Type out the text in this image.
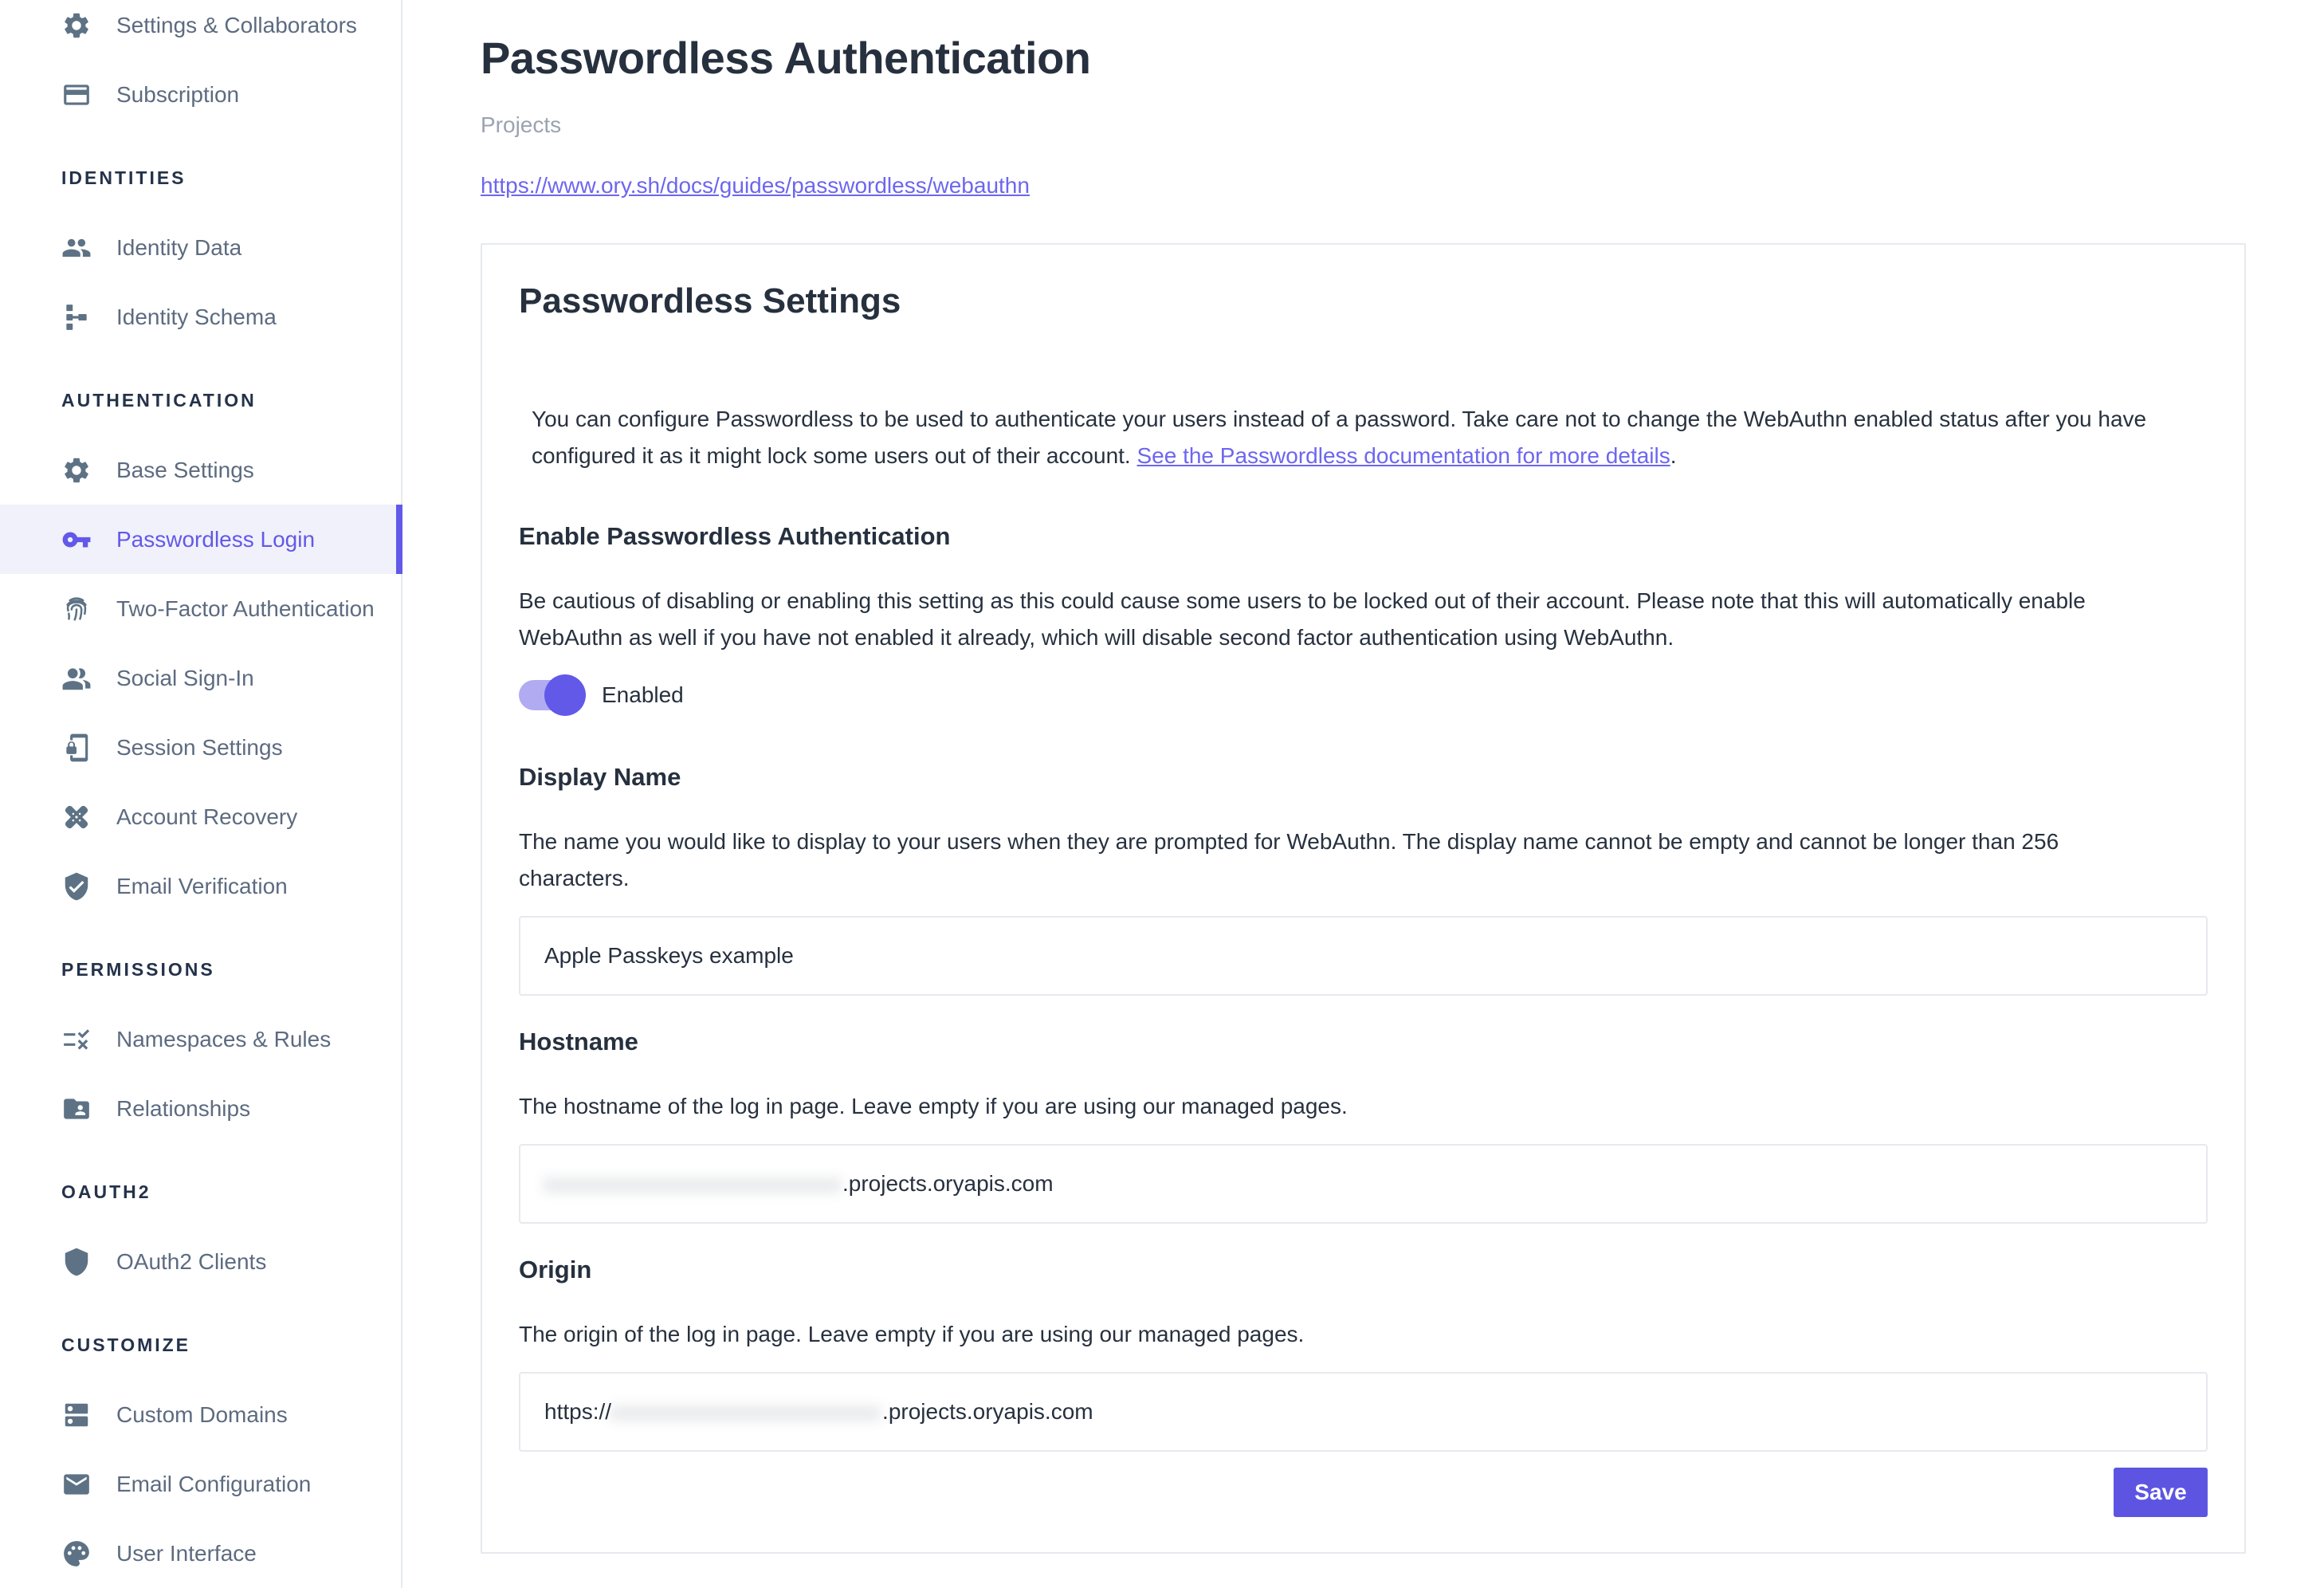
Settings & Collaborators
Subscription
IDENTITIES
Identity Data
Identity Schema
AUTHENTICATION
Base Settings
Passwordless Login
Two-Factor Authentication
Social Sign-In
Session Settings
Account Recovery
Email Verification
PERMISSIONS
Namespaces & Rules
Relationships
OAUTH2
OAuth2 Clients
CUSTOMIZE
Custom Domains
Email Configuration
User Interface
Passwordless Authentication
Projects
https://www.ory.sh/docs/guides/passwordless/webauthn
Passwordless Settings

You can configure Passwordless to be used to authenticate your users instead of a password. Take care not to change the WebAuthn enabled status after you have configured it as it might lock some users out of their account. See the Passwordless documentation for more details.

Enable Passwordless Authentication
Be cautious of disabling or enabling this setting as this could cause some users to be locked out of their account. Please note that this will automatically enable WebAuthn as well if you have not enabled it already, which will disable second factor authentication using WebAuthn.
Enabled
Display Name
The name you would like to display to your users when they are prompted for WebAuthn. The display name cannot be empty and cannot be longer than 256 characters.
Apple Passkeys example
Hostname
The hostname of the log in page. Leave empty if you are using our managed pages.
xxxxxxxxxxxxxxxxxxxxxx .projects.oryapis.com
Origin
The origin of the log in page. Leave empty if you are using our managed pages.
https:// xxxxxxxxxxxxxxxxxxxx .projects.oryapis.com
Save
